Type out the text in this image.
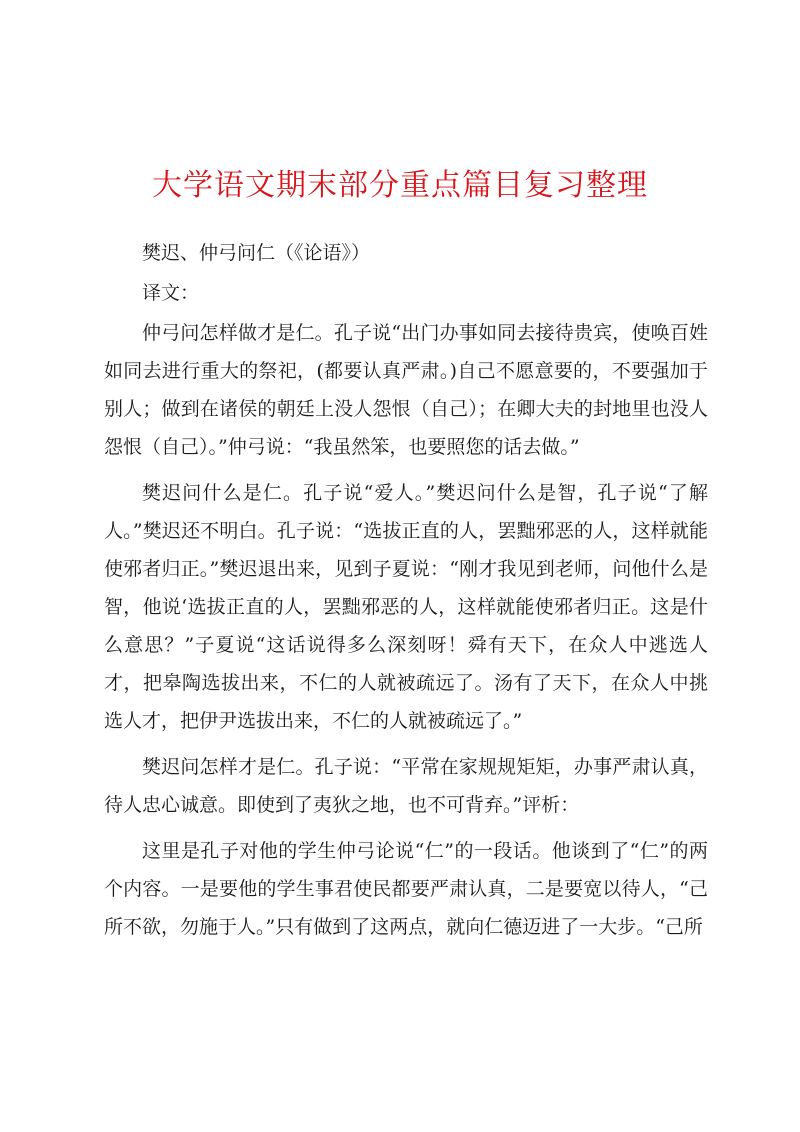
大学语文期末部分重点篇目复习整理

樊迟、仲弓问仁（《论语》）

译文：

仲弓问怎样做才是仁。孔子说“出门办事如同去接待贵宾，使唤百姓如同去进行重大的祭祀，(都要认真严肃。)自己不愿意要的，不要强加于别人；做到在诸侯的朝廷上没人怨恨（自己）；在卿大夫的封地里也没人怨恨（自己）。”仲弓说：“我虽然笨，也要照您的话去做。”

樊迟问什么是仁。孔子说“爱人。”樊迟问什么是智，孔子说“了解人。”樊迟还不明白。孔子说：“选拔正直的人，罢黜邪恶的人，这样就能使邪者归正。”樊迟退出来，见到子夏说：“刚才我见到老师，问他什么是智，他说‘选拔正直的人，罢黜邪恶的人，这样就能使邪者归正。这是什么意思？”子夏说“这话说得多么深刻呀！舜有天下，在众人中逃选人才，把皋陶选拔出来，不仁的人就被疏远了。汤有了天下，在众人中挑选人才，把伊尹选拔出来，不仁的人就被疏远了。”

樊迟问怎样才是仁。孔子说：“平常在家规规矩矩，办事严肃认真，待人忠心诚意。即使到了夷狄之地，也不可背弃。”评析：

这里是孔子对他的学生仲弓论说“仁”的一段话。他谈到了“仁”的两个内容。一是要他的学生事君使民都要严肃认真，二是要宽以待人，“己所不欲，勿施于人。”只有做到了这两点，就向仁德迈进了一大步。“己所
